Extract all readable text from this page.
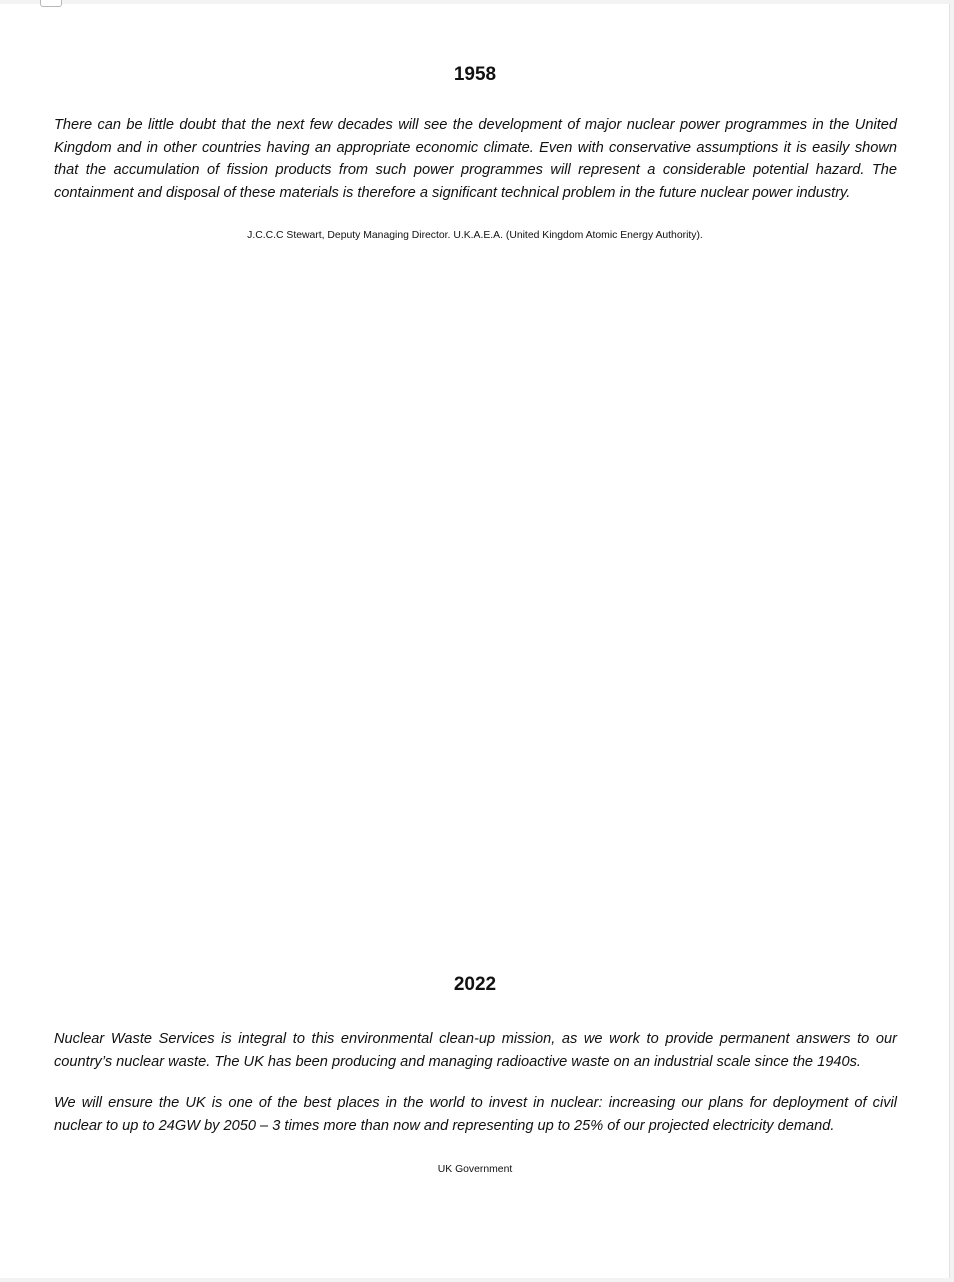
1958

There can be little doubt that the next few decades will see the development of major nuclear power programmes in the United Kingdom and in other countries having an appropriate economic climate. Even with conservative assumptions it is easily shown that the accumulation of fission products from such power programmes will represent a considerable potential hazard. The containment and disposal of these materials is therefore a significant technical problem in the future nuclear power industry.

J.C.C.C Stewart, Deputy Managing Director. U.K.A.E.A. (United Kingdom Atomic Energy Authority).

2022

Nuclear Waste Services is integral to this environmental clean-up mission, as we work to provide permanent answers to our country’s nuclear waste. The UK has been producing and managing radioactive waste on an industrial scale since the 1940s.

We will ensure the UK is one of the best places in the world to invest in nuclear: increasing our plans for deployment of civil nuclear to up to 24GW by 2050 – 3 times more than now and representing up to 25% of our projected electricity demand.

UK Government
